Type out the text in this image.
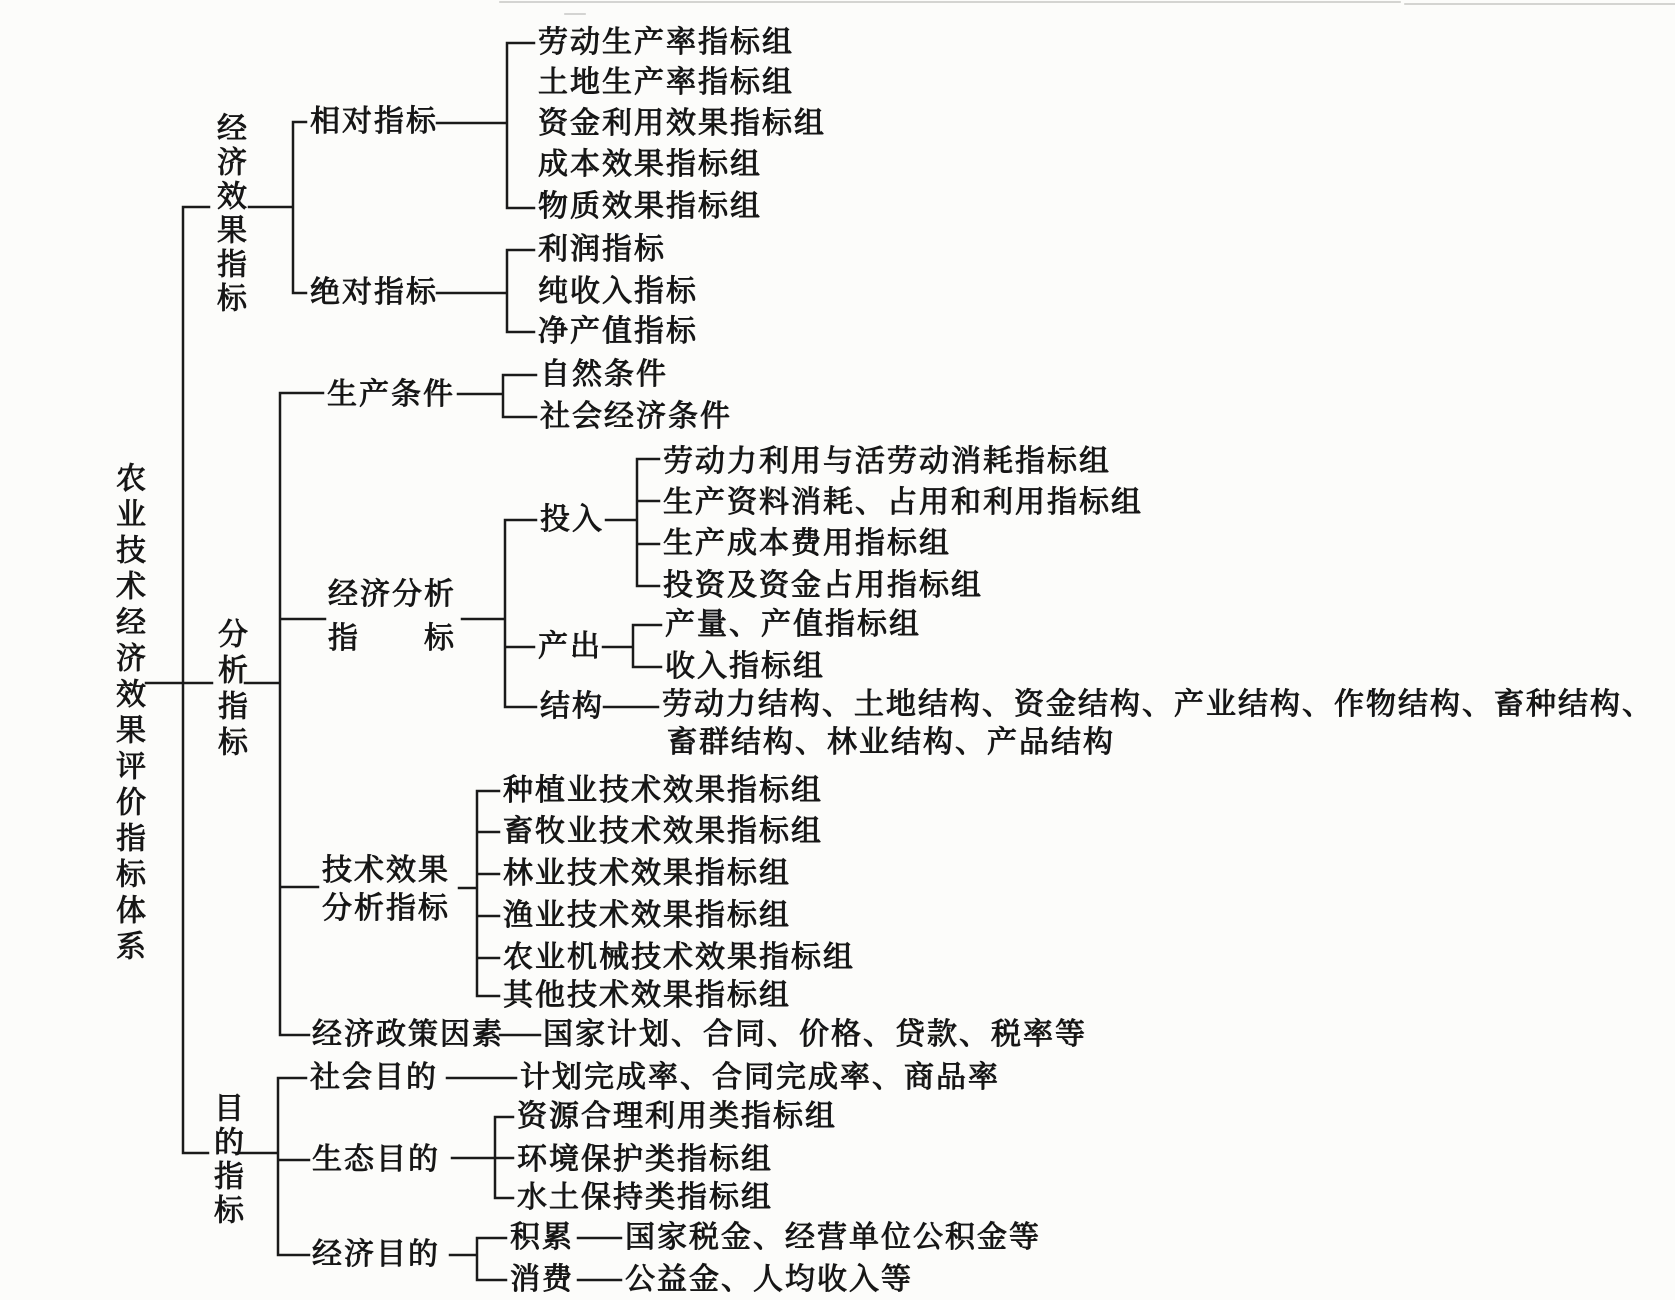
农业技术经济效果评价指标体系
经济效果指标
分析指标
目的指标
相对指标
劳动生产率指标组
土地生产率指标组
资金利用效果指标组
成本效果指标组
物质效果指标组
绝对指标
利润指标
纯收入指标
净产值指标
生产条件
自然条件
社会经济条件
经济分析
指　　标
投入
劳动力利用与活劳动消耗指标组
生产资料消耗、占用和利用指标组
生产成本费用指标组
投资及资金占用指标组
产出
产量、产值指标组
收入指标组
结构 劳动力结构、土地结构、资金结构、产业结构、作物结构、畜种结构、
畜群结构、林业结构、产品结构
技术效果
分析指标
种植业技术效果指标组
畜牧业技术效果指标组
林业技术效果指标组
渔业技术效果指标组
农业机械技术效果指标组
其他技术效果指标组
经济政策因素 国家计划、合同、价格、贷款、税率等
社会目的	计划完成率、合同完成率、商品率
生态目的
资源合理利用类指标组
环境保护类指标组
水土保持类指标组
经济目的
积累 国家税金、经营单位公积金等
消费 公益金、人均收入等
